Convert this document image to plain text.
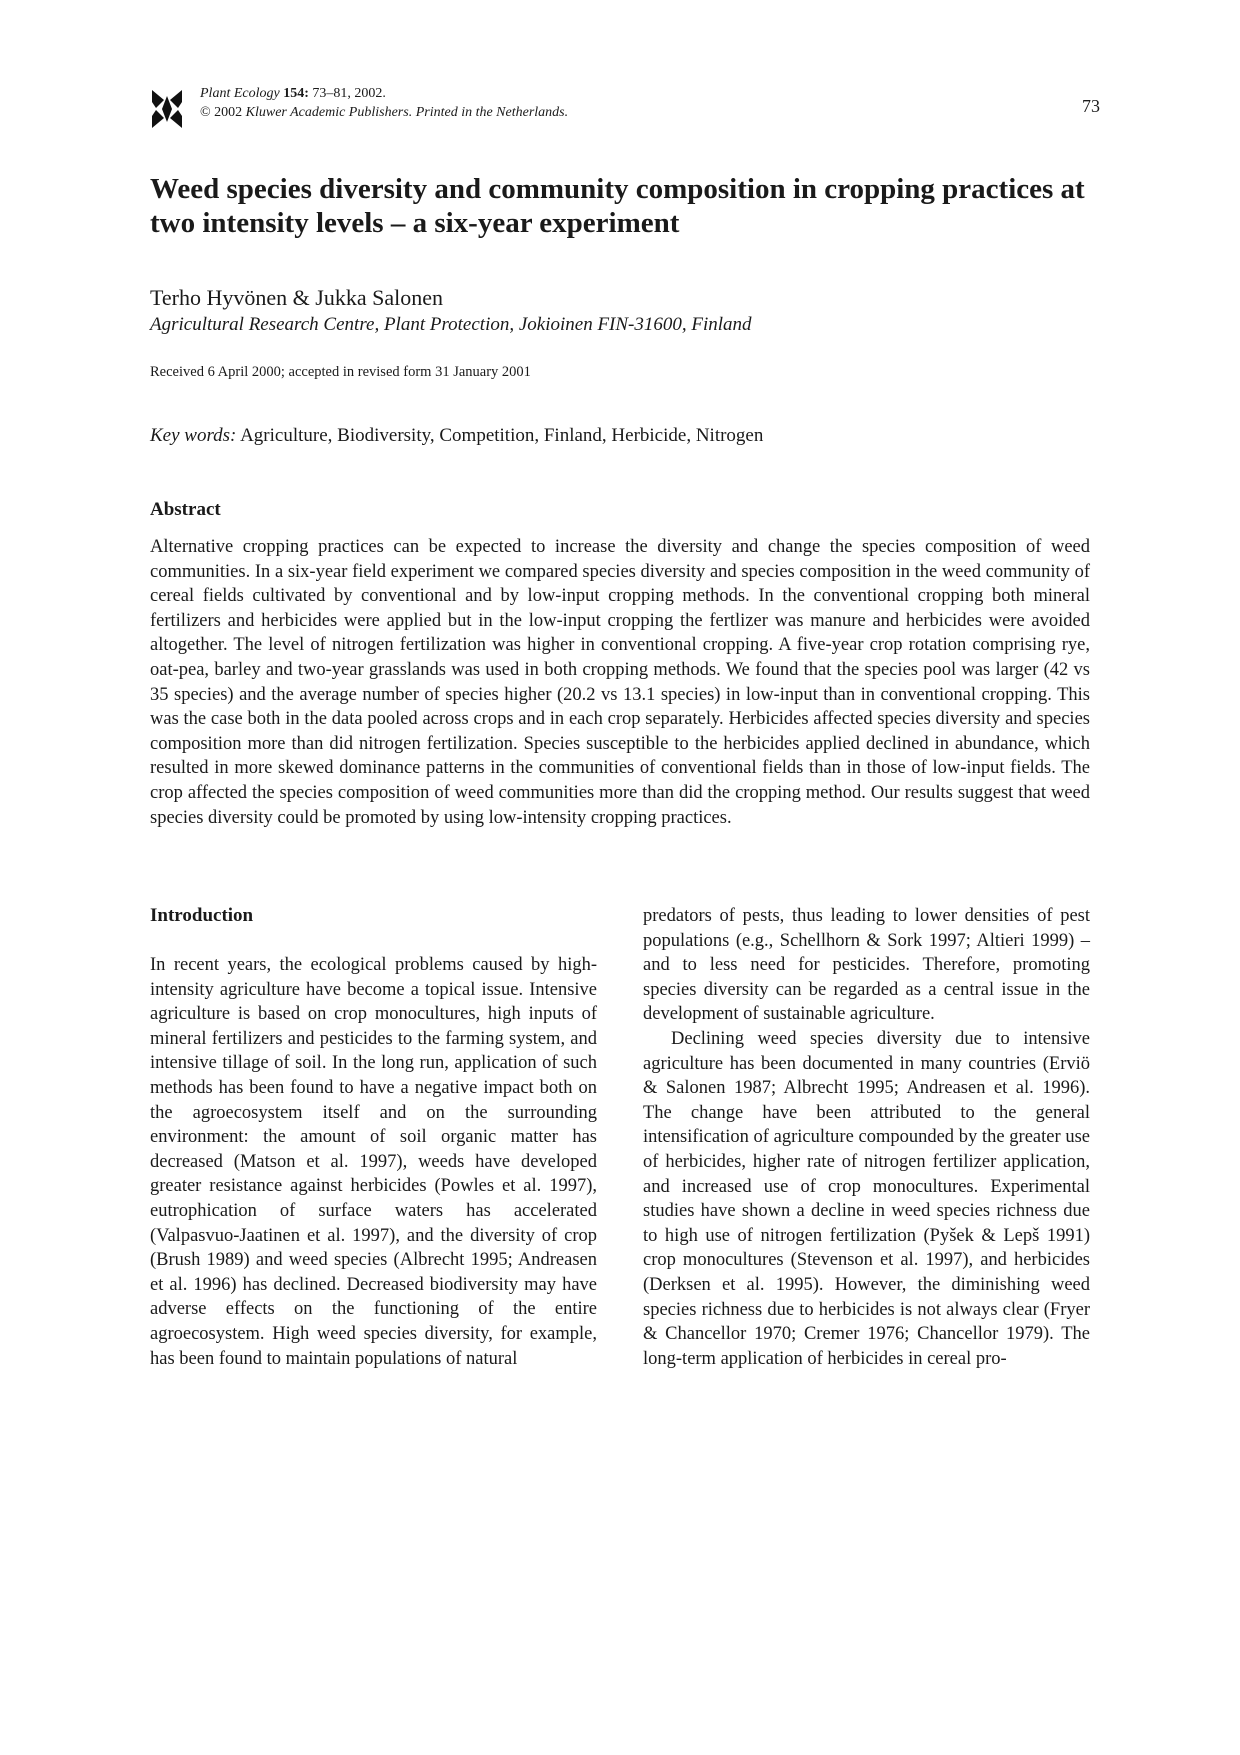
Plant Ecology 154: 73–81, 2002.
© 2002 Kluwer Academic Publishers. Printed in the Netherlands.	73
Weed species diversity and community composition in cropping practices at two intensity levels – a six-year experiment
Terho Hyvönen & Jukka Salonen
Agricultural Research Centre, Plant Protection, Jokioinen FIN-31600, Finland
Received 6 April 2000; accepted in revised form 31 January 2001
Key words: Agriculture, Biodiversity, Competition, Finland, Herbicide, Nitrogen
Abstract

Alternative cropping practices can be expected to increase the diversity and change the species composition of weed communities. In a six-year field experiment we compared species diversity and species composition in the weed community of cereal fields cultivated by conventional and by low-input cropping methods. In the conventional cropping both mineral fertilizers and herbicides were applied but in the low-input cropping the fertlizer was manure and herbicides were avoided altogether. The level of nitrogen fertilization was higher in conventional cropping. A five-year crop rotation comprising rye, oat-pea, barley and two-year grasslands was used in both cropping methods. We found that the species pool was larger (42 vs 35 species) and the average number of species higher (20.2 vs 13.1 species) in low-input than in conventional cropping. This was the case both in the data pooled across crops and in each crop separately. Herbicides affected species diversity and species composition more than did nitrogen fertilization. Species susceptible to the herbicides applied declined in abundance, which resulted in more skewed dominance patterns in the communities of conventional fields than in those of low-input fields. The crop affected the species composition of weed communities more than did the cropping method. Our results suggest that weed species diversity could be promoted by using low-intensity cropping practices.

Introduction

In recent years, the ecological problems caused by high-intensity agriculture have become a topical issue. Intensive agriculture is based on crop monocultures, high inputs of mineral fertilizers and pesticides to the farming system, and intensive tillage of soil. In the long run, application of such methods has been found to have a negative impact both on the agroecosystem itself and on the surrounding environment: the amount of soil organic matter has decreased (Matson et al. 1997), weeds have developed greater resistance against herbicides (Powles et al. 1997), eutrophication of surface waters has accelerated (Valpasvuo-Jaatinen et al. 1997), and the diversity of crop (Brush 1989) and weed species (Albrecht 1995; Andreasen et al. 1996) has declined. Decreased biodiversity may have adverse effects on the functioning of the entire agroecosystem. High weed species diversity, for example, has been found to maintain populations of natural

predators of pests, thus leading to lower densities of pest populations (e.g., Schellhorn & Sork 1997; Altieri 1999) – and to less need for pesticides. Therefore, promoting species diversity can be regarded as a central issue in the development of sustainable agriculture.

Declining weed species diversity due to intensive agriculture has been documented in many countries (Erviö & Salonen 1987; Albrecht 1995; Andreasen et al. 1996). The change have been attributed to the general intensification of agriculture compounded by the greater use of herbicides, higher rate of nitrogen fertilizer application, and increased use of crop monocultures. Experimental studies have shown a decline in weed species richness due to high use of nitrogen fertilization (Pyšek & Lepš 1991) crop monocultures (Stevenson et al. 1997), and herbicides (Derksen et al. 1995). However, the diminishing weed species richness due to herbicides is not always clear (Fryer & Chancellor 1970; Cremer 1976; Chancellor 1979). The long-term application of herbicides in cereal pro-
